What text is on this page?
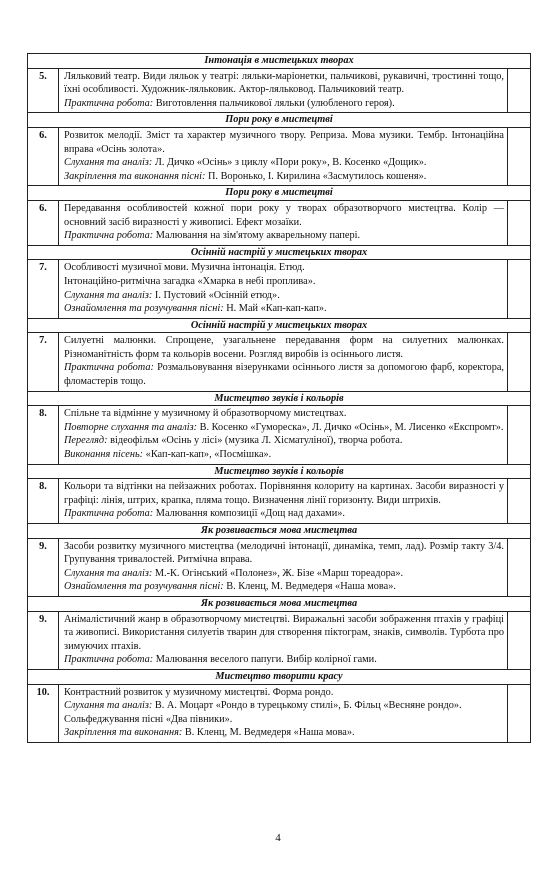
Інтонація в мистецьких творах		
5.	Ляльковий театр. Види ляльок у театрі: ляльки-маріонетки, пальчикові, рукавичні, тростинні тощо, їхні особливості. Художник-ляльковик. Актор-ляльковод. Пальчиковий театр.

Практична робота: Виготовлення пальчикової ляльки (улюбленого героя).	

Пори року в мистецтві		
6.	Розвиток мелодії. Зміст та характер музичного твору. Реприза. Мова музики. Тембр. Інтонаційна вправа «Осінь золота».

Слухання та аналіз: Л. Дичко «Осінь» з циклу «Пори року», В. Косенко «Дощик».

Закріплення та виконання пісні: П. Воронько, І. Кирилина «Засмутилось кошеня».	

Пори року в мистецтві		
6.	Передавання особливостей кожної пори року у творах образотворчого мистецтва. Колір — основний засіб виразності у живописі. Ефект мозаїки.

Практична робота: Малювання на зім'ятому акварельному папері.	

Осінній настрій у мистецьких творах		
7.	Особливості музичної мови. Музична інтонація. Етюд.

Інтонаційно-ритмічна загадка «Хмарка в небі проплива».

Слухання та аналіз: І. Пустовий «Осінній етюд».

Ознайомлення та розучування пісні: Н. Май «Кап-кап-кап».	

Осінній настрій у мистецьких творах		
7.	Силуетні малюнки. Спрощене, узагальнене передавання форм на силуетних малюнках. Різноманітність форм та кольорів восени. Розгляд виробів із осіннього листя.

Практична робота: Розмальовування візерунками осіннього листя за допомогою фарб, коректора, фломастерів тощо.	

Мистецтво звуків і кольорів		
8.	Спільне та відмінне у музичному й образотворчому мистецтвах.

Повторне слухання та аналіз: В. Косенко «Гумореска», Л. Дичко «Осінь», М. Лисенко «Експромт».

Перегляд: відеофільм «Осінь у лісі» (музика Л. Хісматуліної), творча робота.

Виконання пісень: «Кап-кап-кап», «Посмішка».	

Мистецтво звуків і кольорів		
8.	Кольори та відтінки на пейзажних роботах. Порівняння колориту на картинах. Засоби виразності у графіці: лінія, штрих, крапка, пляма тощо. Визначення лінії горизонту. Види штрихів.

Практична робота: Малювання композиції «Дощ над дахами».	

Як розвивається мова мистецтва		
9.	Засоби розвитку музичного мистецтва (мелодичні інтонації, динаміка, темп, лад). Розмір такту 3/4. Групування тривалостей. Ритмічна вправа.

Слухання та аналіз: М.-К. Огінський «Полонез», Ж. Бізе «Марш тореадора».

Ознайомлення та розучування пісні: В. Кленц, М. Ведмедеря «Наша мова».	

Як розвивається мова мистецтва		
9.	Анімалістичний жанр в образотворчому мистецтві. Виражальні засоби зображення птахів у графіці та живописі. Використання силуетів тварин для створення піктограм, знаків, символів. Турбота про зимуючих птахів.

Практична робота: Малювання веселого папуги. Вибір колірної гами.	

Мистецтво творити красу		
10.	Контрастний розвиток у музичному мистецтві. Форма рондо.

Слухання та аналіз: В. А. Моцарт «Рондо в турецькому стилі», Б. Фільц «Весняне рондо».

Сольфеджування пісні «Два півники».

Закріплення та виконання: В. Кленц, М. Ведмедеря «Наша мова».	

4
